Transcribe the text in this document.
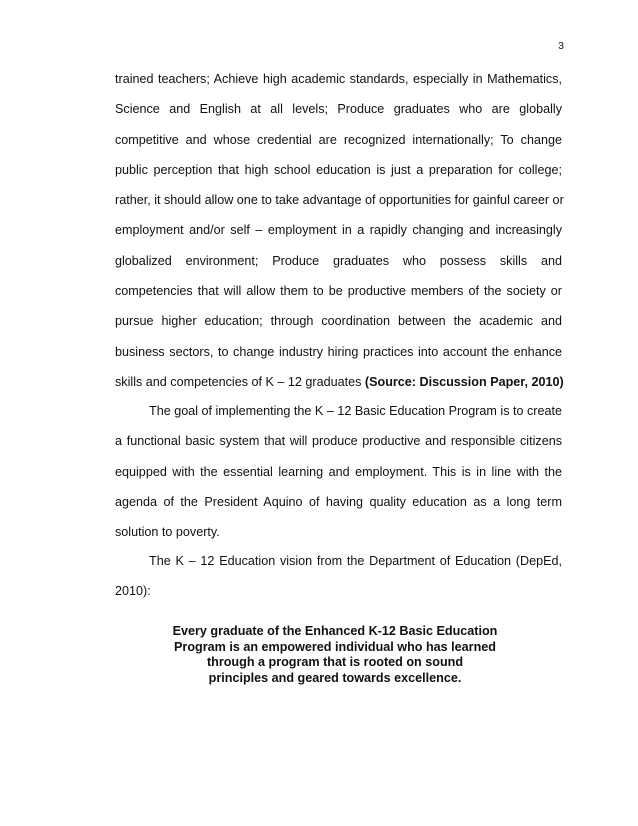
3
trained teachers; Achieve high academic standards, especially in Mathematics,
Science and English at all levels; Produce graduates who are globally
competitive and whose credential are recognized internationally; To change
public perception that high school education is just a preparation for college;
rather, it should allow one to take advantage of opportunities for gainful career or
employment and/or self – employment in a rapidly changing and increasingly
globalized environment; Produce graduates who possess skills and
competencies that will allow them to be productive members of the society or
pursue higher education; through coordination between the academic and
business sectors, to change industry hiring practices into account the enhance
skills and competencies of K – 12 graduates (Source: Discussion Paper, 2010)
The goal of implementing the K – 12 Basic Education Program is to create
a functional basic system that will produce productive and responsible citizens
equipped with the essential learning and employment. This is in line with the
agenda of the President Aquino of having quality education as a long term
solution to poverty.
The K – 12 Education vision from the Department of Education (DepEd,
2010):
Every graduate of the Enhanced K-12 Basic Education
Program is an empowered individual who has learned
through a program that is rooted on sound
principles and geared towards excellence.
